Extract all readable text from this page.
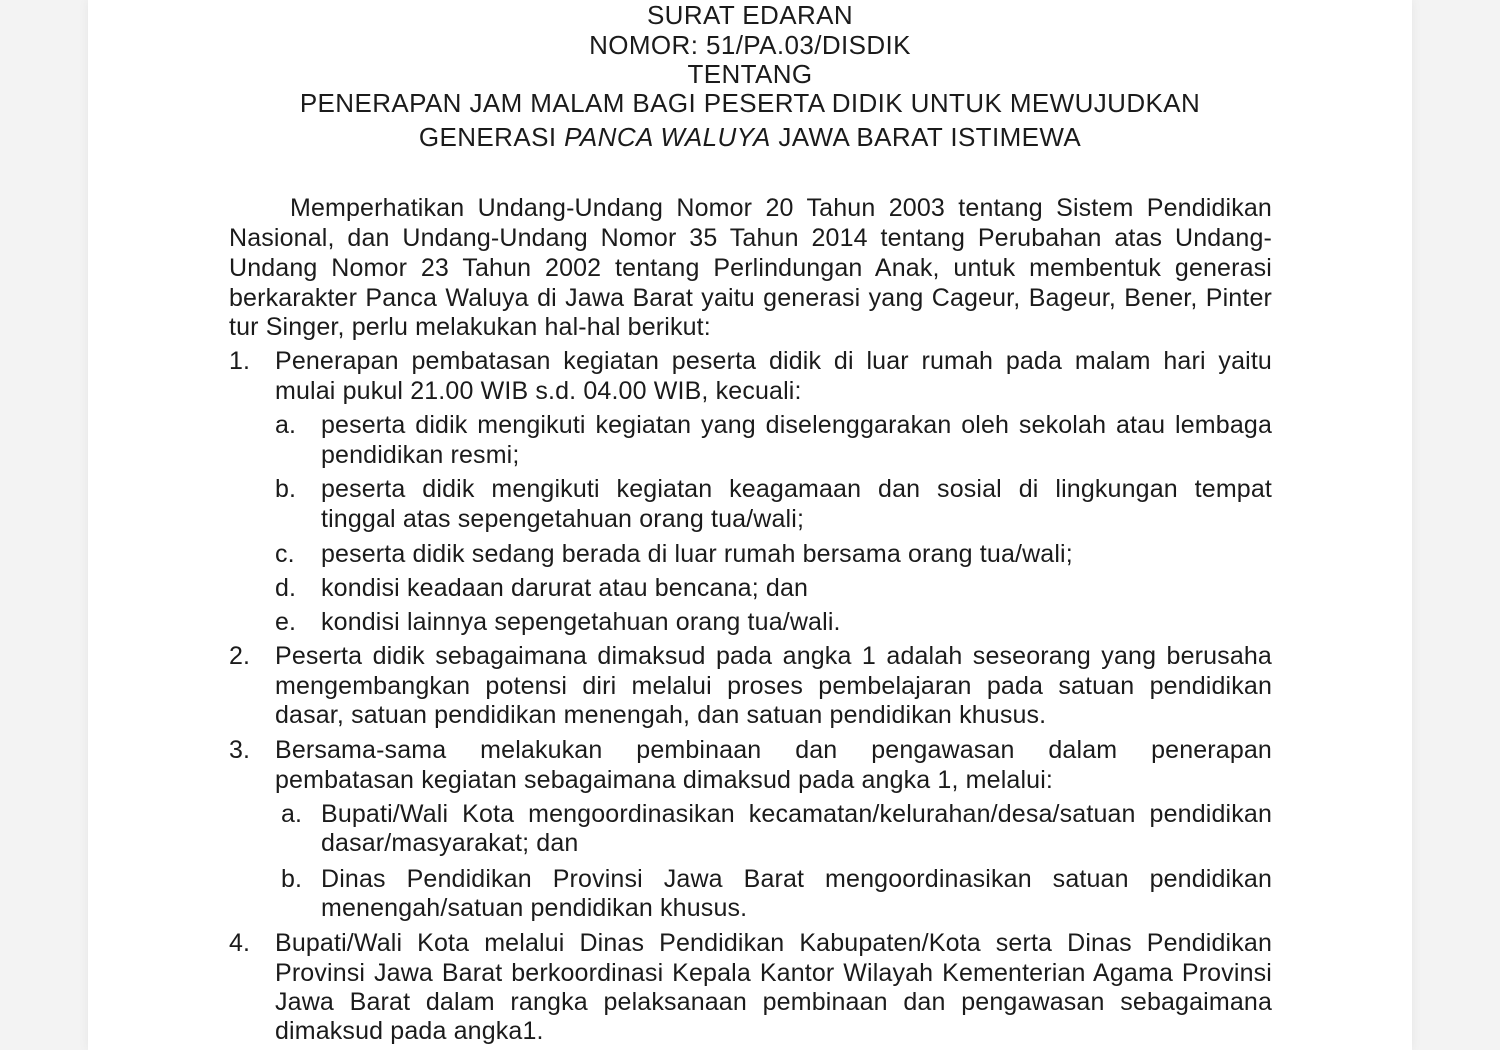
SURAT EDARAN
NOMOR: 51/PA.03/DISDIK
TENTANG
PENERAPAN JAM MALAM BAGI PESERTA DIDIK UNTUK MEWUJUDKAN
GENERASI PANCA WALUYA JAWA BARAT ISTIMEWA
Memperhatikan Undang-Undang Nomor 20 Tahun 2003 tentang Sistem Pendidikan
Nasional, dan Undang-Undang Nomor 35 Tahun 2014 tentang Perubahan atas Undang-
Undang Nomor 23 Tahun 2002 tentang Perlindungan Anak, untuk membentuk generasi
berkarakter Panca Waluya di Jawa Barat yaitu generasi yang Cageur, Bageur, Bener, Pinter
tur Singer, perlu melakukan hal-hal berikut:
1. Penerapan pembatasan kegiatan peserta didik di luar rumah pada malam hari yaitu
mulai pukul 21.00 WIB s.d. 04.00 WIB, kecuali:
a. peserta didik mengikuti kegiatan yang diselenggarakan oleh sekolah atau lembaga
pendidikan resmi;
b. peserta didik mengikuti kegiatan keagamaan dan sosial di lingkungan tempat
tinggal atas sepengetahuan orang tua/wali;
c. peserta didik sedang berada di luar rumah bersama orang tua/wali;
d. kondisi keadaan darurat atau bencana; dan
e. kondisi lainnya sepengetahuan orang tua/wali.
2. Peserta didik sebagaimana dimaksud pada angka 1 adalah seseorang yang berusaha
mengembangkan potensi diri melalui proses pembelajaran pada satuan pendidikan
dasar, satuan pendidikan menengah, dan satuan pendidikan khusus.
3. Bersama-sama melakukan pembinaan dan pengawasan dalam penerapan
pembatasan kegiatan sebagaimana dimaksud pada angka 1, melalui:
a. Bupati/Wali Kota mengoordinasikan kecamatan/kelurahan/desa/satuan pendidikan
dasar/masyarakat; dan
b. Dinas Pendidikan Provinsi Jawa Barat mengoordinasikan satuan pendidikan
menengah/satuan pendidikan khusus.
4. Bupati/Wali Kota melalui Dinas Pendidikan Kabupaten/Kota serta Dinas Pendidikan
Provinsi Jawa Barat berkoordinasi Kepala Kantor Wilayah Kementerian Agama Provinsi
Jawa Barat dalam rangka pelaksanaan pembinaan dan pengawasan sebagaimana
dimaksud pada angka1.
